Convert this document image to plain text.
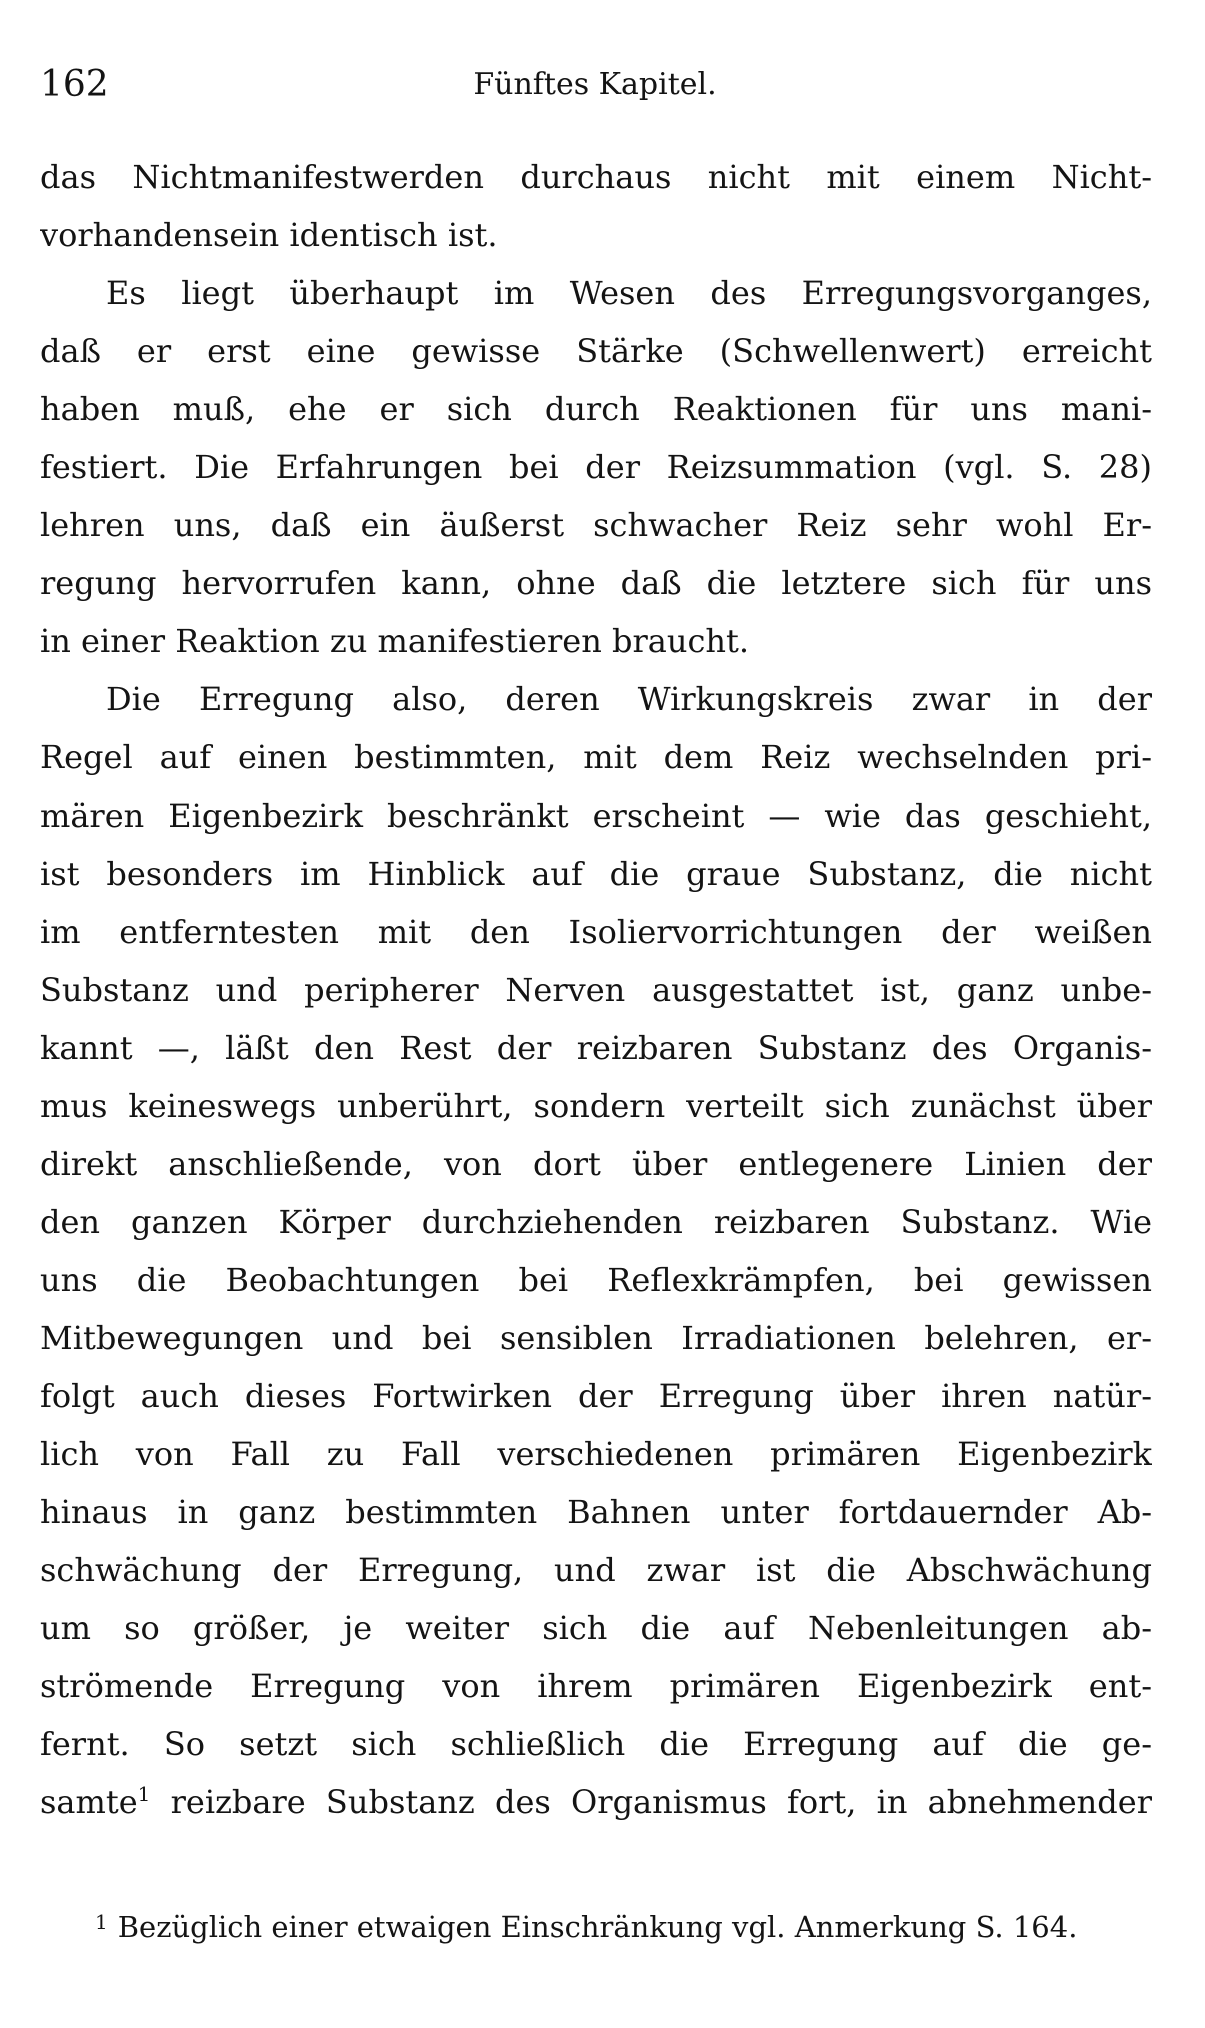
162	Fünftes Kapitel.
das Nichtmanifestwerden durchaus nicht mit einem Nicht-
vorhandensein identisch ist.
Es liegt überhaupt im Wesen des Erregungsvorganges,
daß er erst eine gewisse Stärke (Schwellenwert) erreicht
haben muß, ehe er sich durch Reaktionen für uns mani-
festiert. Die Erfahrungen bei der Reizsummation (vgl. S. 28)
lehren uns, daß ein äußerst schwacher Reiz sehr wohl Er-
regung hervorrufen kann, ohne daß die letztere sich für uns
in einer Reaktion zu manifestieren braucht.
Die Erregung also, deren Wirkungskreis zwar in der
Regel auf einen bestimmten, mit dem Reiz wechselnden pri-
mären Eigenbezirk beschränkt erscheint — wie das geschieht,
ist besonders im Hinblick auf die graue Substanz, die nicht
im entferntesten mit den Isoliervorrichtungen der weißen
Substanz und peripherer Nerven ausgestattet ist, ganz unbe-
kannt —, läßt den Rest der reizbaren Substanz des Organis-
mus keineswegs unberührt, sondern verteilt sich zunächst über
direkt anschließende, von dort über entlegenere Linien der
den ganzen Körper durchziehenden reizbaren Substanz. Wie
uns die Beobachtungen bei Reflexkrämpfen, bei gewissen
Mitbewegungen und bei sensiblen Irradiationen belehren, er-
folgt auch dieses Fortwirken der Erregung über ihren natür-
lich von Fall zu Fall verschiedenen primären Eigenbezirk
hinaus in ganz bestimmten Bahnen unter fortdauernder Ab-
schwächung der Erregung, und zwar ist die Abschwächung
um so größer, je weiter sich die auf Nebenleitungen ab-
strömende Erregung von ihrem primären Eigenbezirk ent-
fernt. So setzt sich schließlich die Erregung auf die ge-
samte$^1$ reizbare Substanz des Organismus fort, in abnehmender
$^1$ Bezüglich einer etwaigen Einschränkung vgl. Anmerkung S. 164.
